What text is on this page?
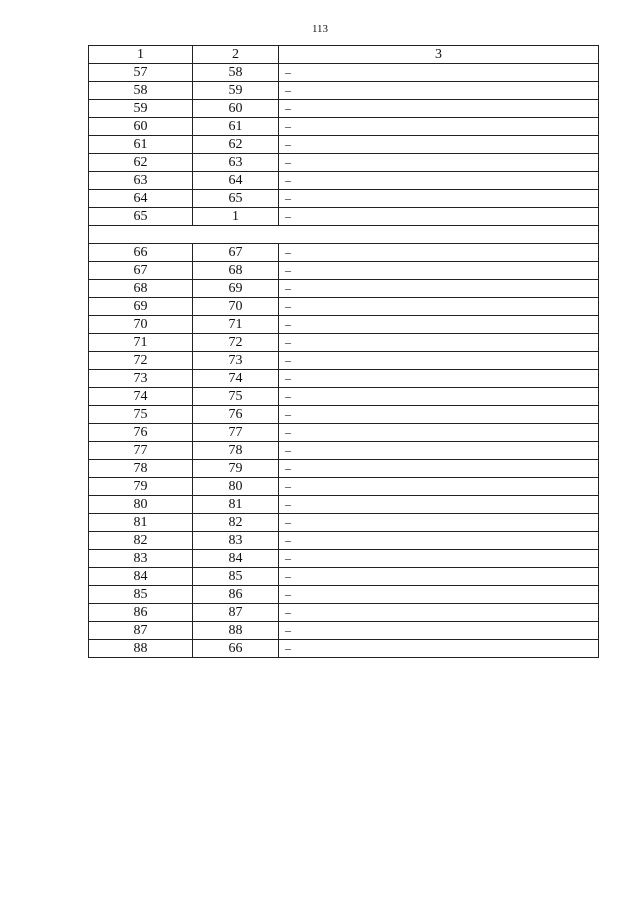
113
1	2	3
57	58	–
58	59	–
59	60	–
60	61	–
61	62	–
62	63	–
63	64	–
64	65	–
65	1	–

66	67	–
67	68	–
68	69	–
69	70	–
70	71	–
71	72	–
72	73	–
73	74	–
74	75	–
75	76	–
76	77	–
77	78	–
78	79	–
79	80	–
80	81	–
81	82	–
82	83	–
83	84	–
84	85	–
85	86	–
86	87	–
87	88	–
88	66	–
